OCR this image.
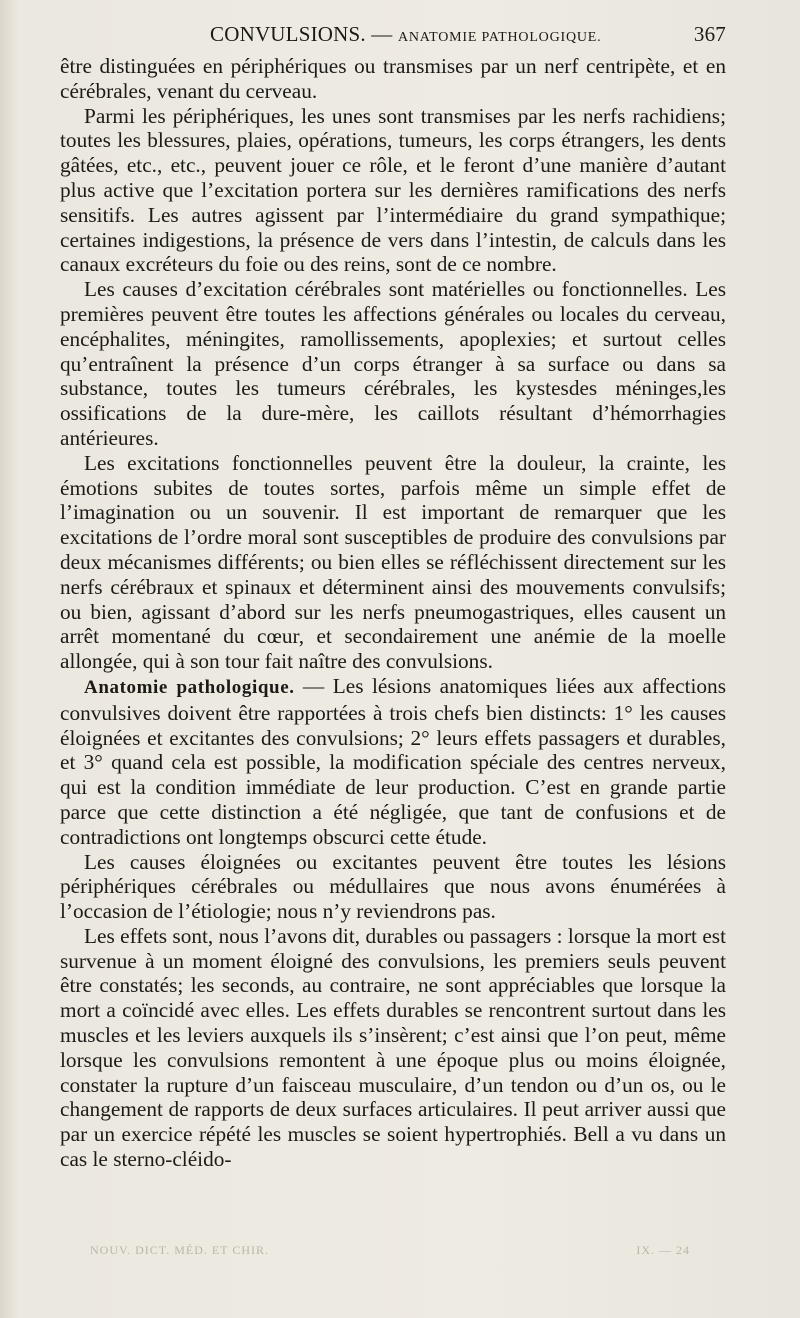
CONVULSIONS. — ANATOMIE PATHOLOGIQUE.	367

être distinguées en périphériques ou transmises par un nerf centripète, et en cérébrales, venant du cerveau.

Parmi les périphériques, les unes sont transmises par les nerfs rachidiens; toutes les blessures, plaies, opérations, tumeurs, les corps étrangers, les dents gâtées, etc., etc., peuvent jouer ce rôle, et le feront d’une manière d’autant plus active que l’excitation portera sur les dernières ramifications des nerfs sensitifs. Les autres agissent par l’intermédiaire du grand sympathique; certaines indigestions, la présence de vers dans l’intestin, de calculs dans les canaux excréteurs du foie ou des reins, sont de ce nombre.

Les causes d’excitation cérébrales sont matérielles ou fonctionnelles. Les premières peuvent être toutes les affections générales ou locales du cerveau, encéphalites, méningites, ramollissements, apoplexies; et surtout celles qu’entraînent la présence d’un corps étranger à sa surface ou dans sa substance, toutes les tumeurs cérébrales, les kystesdes méninges,les ossifications de la dure-mère, les caillots résultant d’hémorrhagies antérieures.

Les excitations fonctionnelles peuvent être la douleur, la crainte, les émotions subites de toutes sortes, parfois même un simple effet de l’imagination ou un souvenir. Il est important de remarquer que les excitations de l’ordre moral sont susceptibles de produire des convulsions par deux mécanismes différents; ou bien elles se réfléchissent directement sur les nerfs cérébraux et spinaux et déterminent ainsi des mouvements convulsifs; ou bien, agissant d’abord sur les nerfs pneumogastriques, elles causent un arrêt momentané du cœur, et secondairement une anémie de la moelle allongée, qui à son tour fait naître des convulsions.

Anatomie pathologique. — Les lésions anatomiques liées aux affections convulsives doivent être rapportées à trois chefs bien distincts: 1° les causes éloignées et excitantes des convulsions; 2° leurs effets passagers et durables, et 3° quand cela est possible, la modification spéciale des centres nerveux, qui est la condition immédiate de leur production. C’est en grande partie parce que cette distinction a été négligée, que tant de confusions et de contradictions ont longtemps obscurci cette étude.

Les causes éloignées ou excitantes peuvent être toutes les lésions périphériques cérébrales ou médullaires que nous avons énumérées à l’occasion de l’étiologie; nous n’y reviendrons pas.

Les effets sont, nous l’avons dit, durables ou passagers : lorsque la mort est survenue à un moment éloigné des convulsions, les premiers seuls peuvent être constatés; les seconds, au contraire, ne sont appréciables que lorsque la mort a coïncidé avec elles. Les effets durables se rencontrent surtout dans les muscles et les leviers auxquels ils s’insèrent; c’est ainsi que l’on peut, même lorsque les convulsions remontent à une époque plus ou moins éloignée, constater la rupture d’un faisceau musculaire, d’un tendon ou d’un os, ou le changement de rapports de deux surfaces articulaires. Il peut arriver aussi que par un exercice répété les muscles se soient hypertrophiés. Bell a vu dans un cas le sterno-cléido-

NOUV. DICT. MÉD. ET CHIR.	IX. — 24
